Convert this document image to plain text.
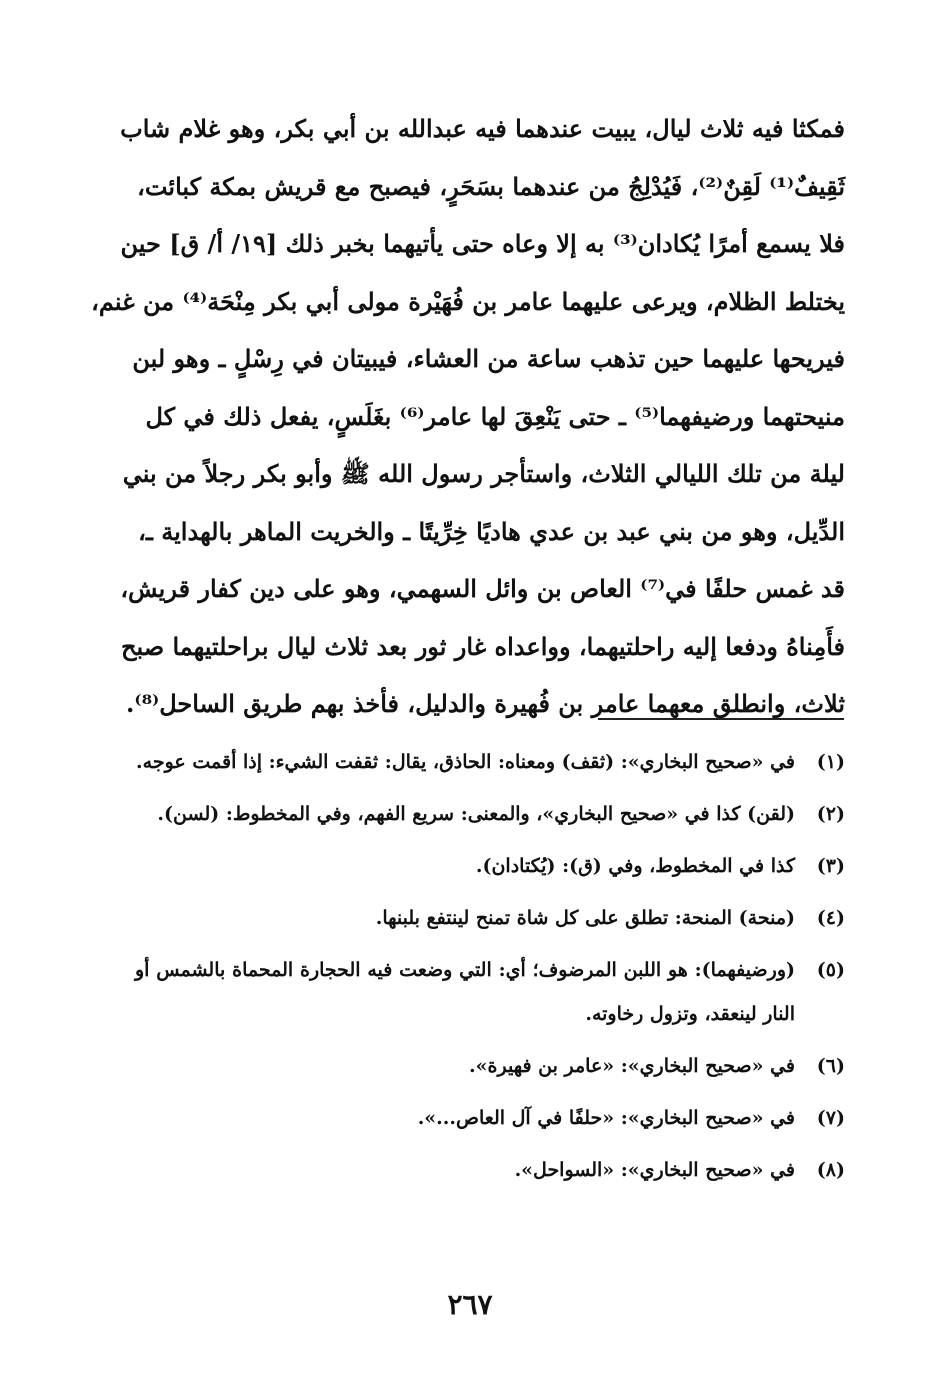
فمكثا فيه ثلاث ليال، يبيت عندهما فيه عبدالله بن أبي بكر، وهو غلام شاب
ثَقِيفٌ⁽¹⁾ لَقِنٌ⁽²⁾، فَيُدْلِجُ من عندهما بسَحَرٍ، فيصبح مع قريش بمكة كبائت،
فلا يسمع أمرًا يُكادان⁽³⁾ به إلا وعاه حتى يأتيهما بخبر ذلك [١٩/ أ/ ق] حين
يختلط الظلام، ويرعى عليهما عامر بن فُهَيْرة مولى أبي بكر مِنْحَة⁽⁴⁾ من غنم،
فيريحها عليهما حين تذهب ساعة من العشاء، فيبيتان في رِسْلٍ ـ وهو لبن
منيحتهما ورضيفهما⁽⁵⁾ ـ حتى يَنْعِقَ لها عامر⁽⁶⁾ بغَلَسٍ، يفعل ذلك في كل
ليلة من تلك الليالي الثلاث، واستأجر رسول الله ﷺ وأبو بكر رجلاً من بني
الدِّيل، وهو من بني عبد بن عدي هاديًا خِرِّيتًا ـ والخريت الماهر بالهداية ـ،
قد غمس حلفًا في⁽⁷⁾ العاص بن وائل السهمي، وهو على دين كفار قريش،
فأَمِناهُ ودفعا إليه راحلتيهما، وواعداه غار ثور بعد ثلاث ليال براحلتيهما صبح
ثلاث، وانطلق معهما عامر بن فُهيرة والدليل، فأخذ بهم طريق الساحل⁽⁸⁾.
(١)
في «صحيح البخاري»: (ثقف) ومعناه: الحاذق، يقال: ثقفت الشيء: إذا أقمت عوجه.
(٢)
(لقن) كذا في «صحيح البخاري»، والمعنى: سريع الفهم، وفي المخطوط: (لسن).
(٣)
كذا في المخطوط، وفي (ق): (يُكتادان).
(٤)
(منحة) المنحة: تطلق على كل شاة تمنح لينتفع بلبنها.
(٥)
(ورضيفهما): هو اللبن المرضوف؛ أي: التي وضعت فيه الحجارة المحماة بالشمس أو النار لينعقد، وتزول رخاوته.
(٦)
في «صحيح البخاري»: «عامر بن فهيرة».
(٧)
في «صحيح البخاري»: «حلفًا في آل العاص...».
(٨)
في «صحيح البخاري»: «السواحل».
٢٦٧
